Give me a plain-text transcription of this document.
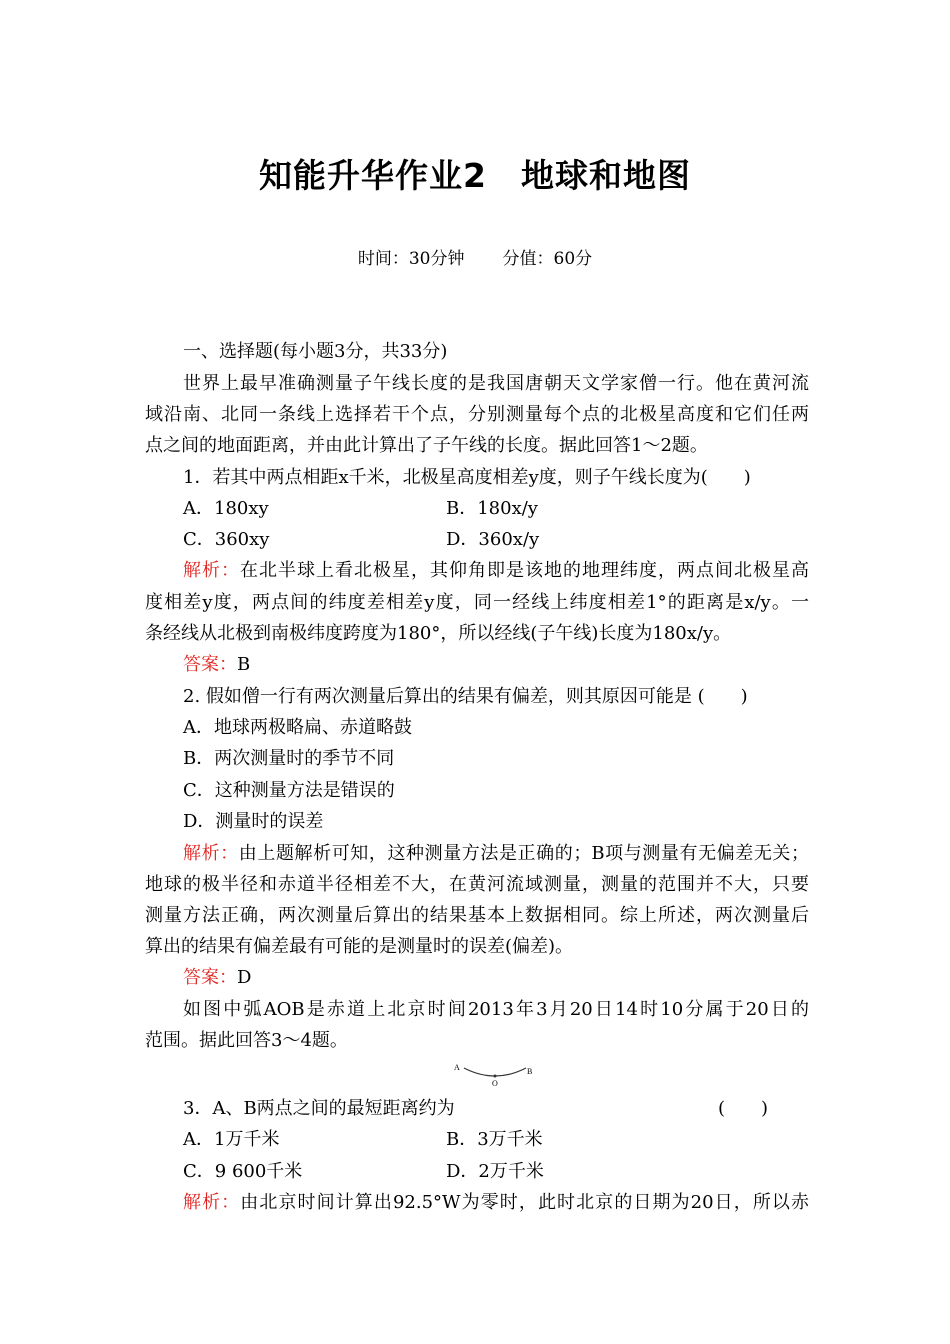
知能升华作业2　地球和地图
时间：30分钟 分值：60分
一、选择题(每小题3分，共33分)
世界上最早准确测量子午线长度的是我国唐朝天文学家僧一行。他在黄河流
域沿南、北同一条线上选择若干个点，分别测量每个点的北极星高度和它们任两
点之间的地面距离，并由此计算出了子午线的长度。据此回答1～2题。
1．若其中两点相距x千米，北极星高度相差y度，则子午线长度为(　　)
A．180xy	B．180x/y
C．360xy	D．360x/y
解析：在北半球上看北极星，其仰角即是该地的地理纬度，两点间北极星高
度相差y度，两点间的纬度差相差y度，同一经线上纬度相差1°的距离是x/y。一
条经线从北极到南极纬度跨度为180°，所以经线(子午线)长度为180x/y。
答案：B
2. 假如僧一行有两次测量后算出的结果有偏差，则其原因可能是 (　　)
A．地球两极略扁、赤道略鼓
B．两次测量时的季节不同
C．这种测量方法是错误的
D．测量时的误差
解析：由上题解析可知，这种测量方法是正确的；B项与测量有无偏差无关；
地球的极半径和赤道半径相差不大，在黄河流域测量，测量的范围并不大，只要
测量方法正确，两次测量后算出的结果基本上数据相同。综上所述，两次测量后
算出的结果有偏差最有可能的是测量时的误差(偏差)。
答案：D
如图中弧AOB是赤道上北京时间2013年3月20日14时10分属于20日的
范围。据此回答3～4题。
A
O
B
3．A、B两点之间的最短距离约为	(　　)
A．1万千米	B．3万千米
C．9 600千米	D．2万千米
解析：由北京时间计算出92.5°W为零时，此时北京的日期为20日，所以赤
